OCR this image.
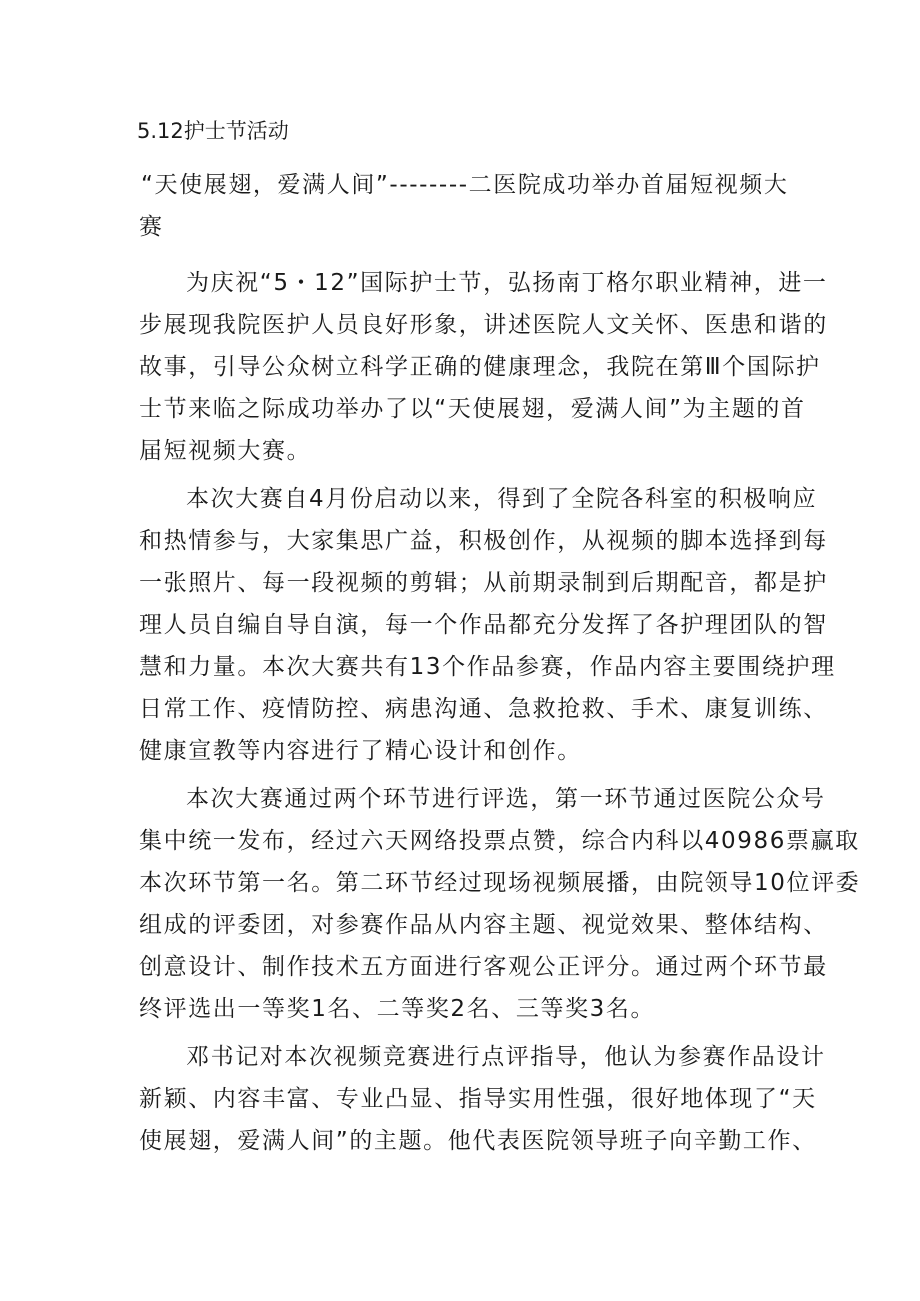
5.12护士节活动
“天使展翅，爱满人间”--------二医院成功举办首届短视频大
赛
为庆祝“5・12”国际护士节，弘扬南丁格尔职业精神，进一
步展现我院医护人员良好形象，讲述医院人文关怀、医患和谐的
故事，引导公众树立科学正确的健康理念，我院在第Ⅲ个国际护
士节来临之际成功举办了以“天使展翅，爱满人间”为主题的首
届短视频大赛。
本次大赛自4月份启动以来，得到了全院各科室的积极响应
和热情参与，大家集思广益，积极创作，从视频的脚本选择到每
一张照片、每一段视频的剪辑；从前期录制到后期配音，都是护
理人员自编自导自演，每一个作品都充分发挥了各护理团队的智
慧和力量。本次大赛共有13个作品参赛，作品内容主要围绕护理
日常工作、疫情防控、病患沟通、急救抢救、手术、康复训练、
健康宣教等内容进行了精心设计和创作。
本次大赛通过两个环节进行评选，第一环节通过医院公众号
集中统一发布，经过六天网络投票点赞，综合内科以40986票赢取
本次环节第一名。第二环节经过现场视频展播，由院领导10位评委
组成的评委团，对参赛作品从内容主题、视觉效果、整体结构、
创意设计、制作技术五方面进行客观公正评分。通过两个环节最
终评选出一等奖1名、二等奖2名、三等奖3名。
邓书记对本次视频竞赛进行点评指导，他认为参赛作品设计
新颖、内容丰富、专业凸显、指导实用性强，很好地体现了“天
使展翅，爱满人间”的主题。他代表医院领导班子向辛勤工作、
